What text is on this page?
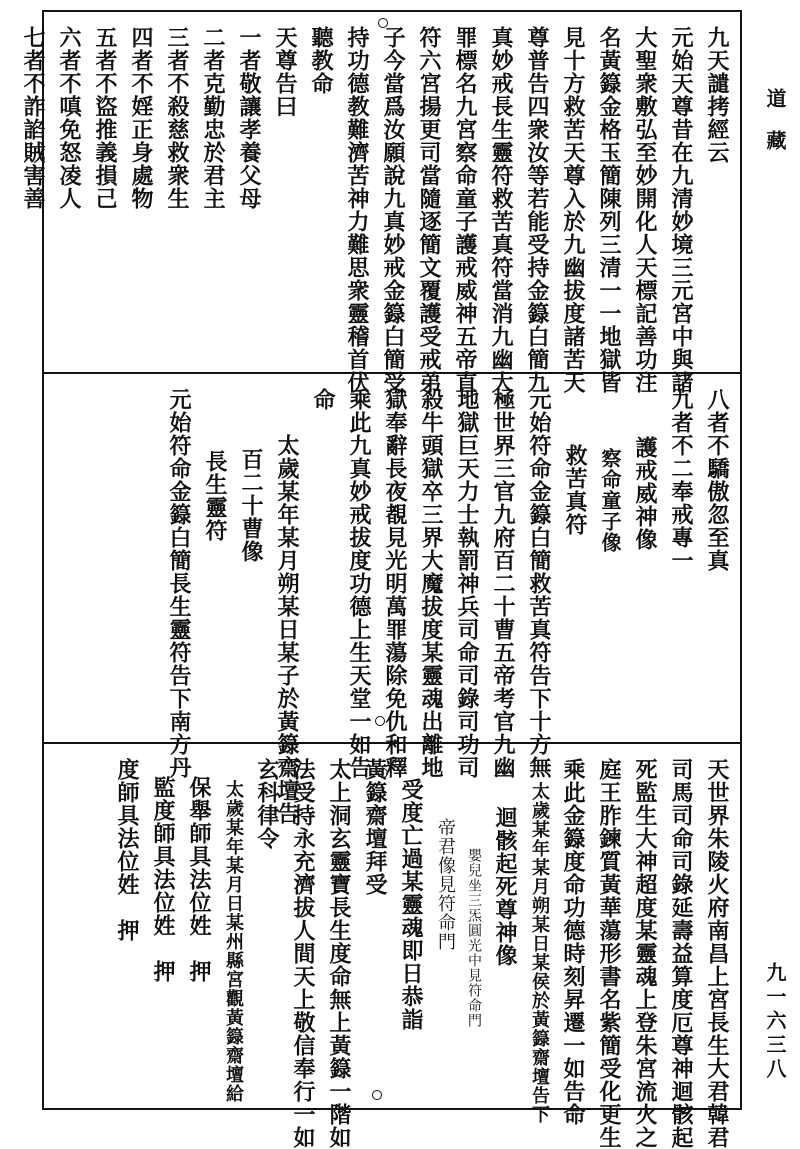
道藏
九一六三八
九天譴拷經云
元始天尊昔在九清妙境三元宮中與諸
大聖衆敷弘至妙開化人天標記善功注
名黃籙金格玉簡陳列三清一一地獄皆
見十方救苦天尊入於九幽拔度諸苦天
尊普告四衆汝等若能受持金籙白簡九
真妙戒長生靈符救苦真符當消九幽大
罪標名九宮察命童子護戒威神五帝直
符六宮揚更司當隨逐簡文覆護受戒弟
子今當爲汝願說九真妙戒金籙白簡受
持功德教難濟苦神力難思衆靈稽首伏
聽教命
天尊告曰
一者敬讓孝養父母
二者克勤忠於君主
三者不殺慈救衆生
四者不婬正身處物
五者不盜推義損己
六者不嗔免怒凌人
七者不詐諂賊害善
八者不驕傲忽至真
九者不二奉戒專一
護戒威神像
察命童子像
救苦真符
元始符命金籙白簡救苦真符告下十方無
極世界三官九府百二十曹五帝考官九幽
地獄巨天力士執罰神兵司命司錄司功司
殺牛頭獄卒三界大魔拔度某靈魂出離地
獄奉辭長夜覩見光明萬罪蕩除免仇和釋
乘此九真妙戒拔度功德上生天堂一如告
命
太歲某年某月朔某日某子於黃籙齋壇告
百二十曹像
長生靈符
元始符命金籙白簡長生靈符告下南方丹
天世界朱陵火府南昌上宮長生大君韓君
司馬司命司錄延壽益算度厄尊神迴骸起
死監生大神超度某靈魂上登朱宮流火之
庭王胙鍊質黃華蕩形書名紫簡受化更生
乘此金籙度命功德時刻昇遷一如告命
太歲某年某月朔某日某侯於黃籙齋壇告下
迴骸起死尊神像
嬰兒坐三炁圓光中見符命門
帝君像見符命門
受度亡過某靈魂即日恭詣
黃籙齋壇拜受
太上洞玄靈寶長生度命無上黃籙一階如
法受持永充濟拔人間天上敬信奉行一如
玄科律令
太歲某年某月日某州縣宮觀黃籙齋壇給
保舉師具法位姓　押
監度師具法位姓　押
度師具法位姓　押
